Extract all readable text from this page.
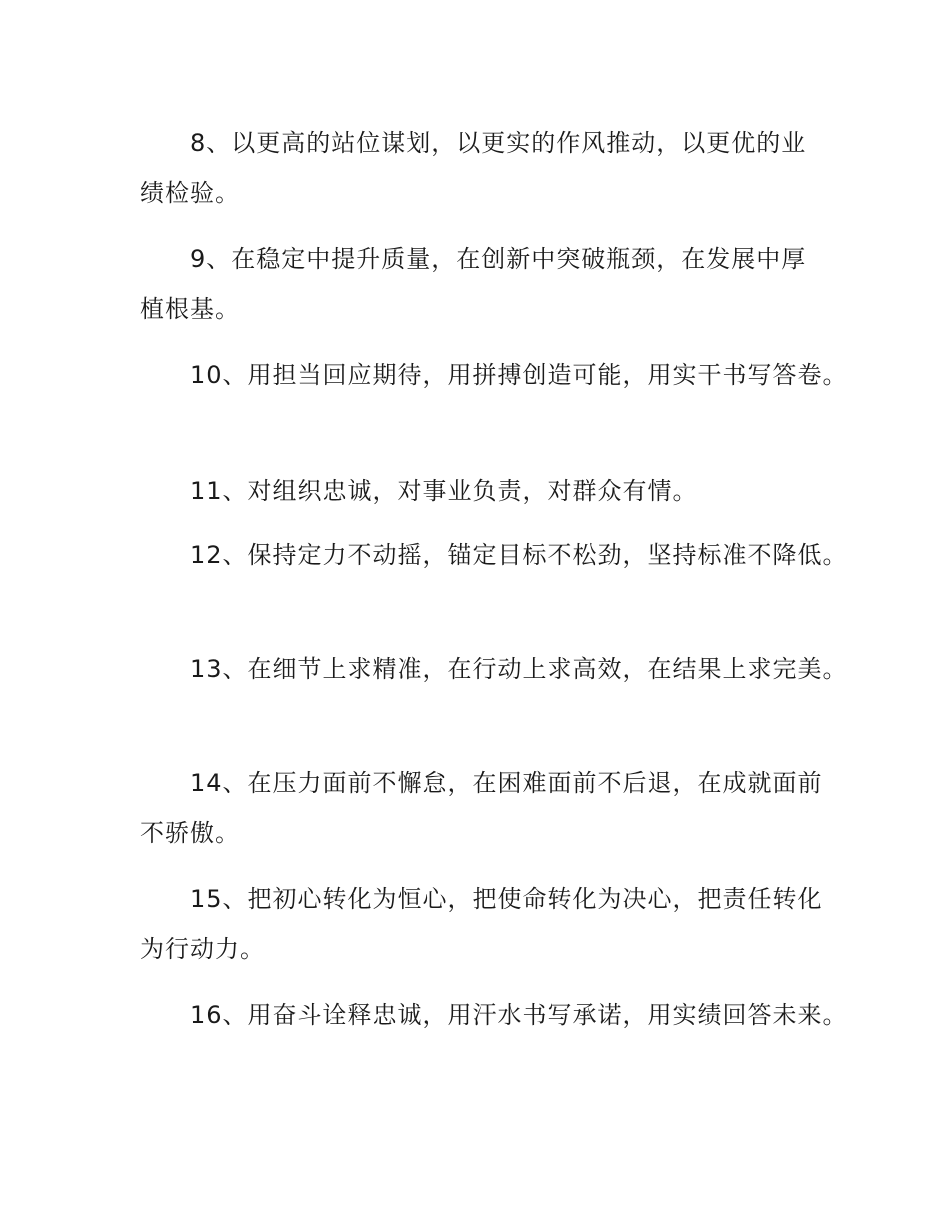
8、以更高的站位谋划，以更实的作风推动，以更优的业
绩检验。
9、在稳定中提升质量，在创新中突破瓶颈，在发展中厚
植根基。
10、用担当回应期待，用拼搏创造可能，用实干书写答卷。
11、对组织忠诚，对事业负责，对群众有情。
12、保持定力不动摇，锚定目标不松劲，坚持标准不降低。
13、在细节上求精准，在行动上求高效，在结果上求完美。
14、在压力面前不懈怠，在困难面前不后退，在成就面前
不骄傲。
15、把初心转化为恒心，把使命转化为决心，把责任转化
为行动力。
16、用奋斗诠释忠诚，用汗水书写承诺，用实绩回答未来。
